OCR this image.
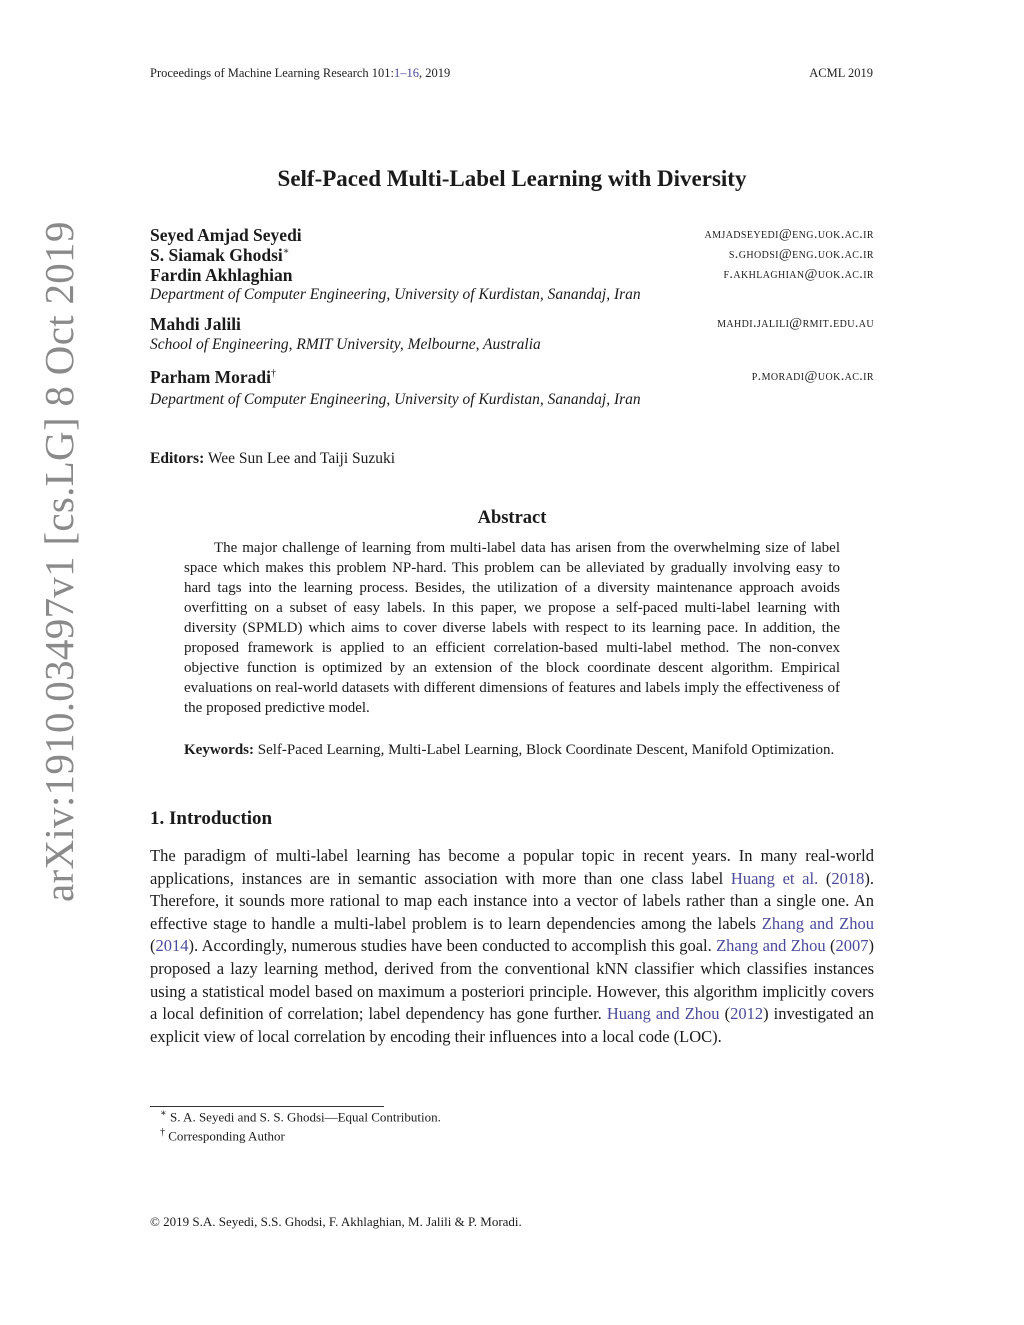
arXiv:1910.03497v1 [cs.LG] 8 Oct 2019
Proceedings of Machine Learning Research 101:1–16, 2019	ACML 2019
Self-Paced Multi-Label Learning with Diversity
Seyed Amjad Seyedi	amjadseyedi@eng.uok.ac.ir
S. Siamak Ghodsi∗	s.ghodsi@eng.uok.ac.ir
Fardin Akhlaghian	f.akhlaghian@uok.ac.ir
Department of Computer Engineering, University of Kurdistan, Sanandaj, Iran
Mahdi Jalili	mahdi.jalili@rmit.edu.au
School of Engineering, RMIT University, Melbourne, Australia
Parham Moradi†	p.moradi@uok.ac.ir
Department of Computer Engineering, University of Kurdistan, Sanandaj, Iran
Editors: Wee Sun Lee and Taiji Suzuki
Abstract

The major challenge of learning from multi-label data has arisen from the overwhelming size of label space which makes this problem NP-hard. This problem can be alleviated by gradually involving easy to hard tags into the learning process. Besides, the utilization of a diversity maintenance approach avoids overfitting on a subset of easy labels. In this paper, we propose a self-paced multi-label learning with diversity (SPMLD) which aims to cover diverse labels with respect to its learning pace. In addition, the proposed framework is applied to an efficient correlation-based multi-label method. The non-convex objective function is optimized by an extension of the block coordinate descent algorithm. Empirical evaluations on real-world datasets with different dimensions of features and labels imply the effectiveness of the proposed predictive model.

Keywords: Self-Paced Learning, Multi-Label Learning, Block Coordinate Descent, Manifold Optimization.

1. Introduction

The paradigm of multi-label learning has become a popular topic in recent years. In many real-world applications, instances are in semantic association with more than one class label Huang et al. (2018). Therefore, it sounds more rational to map each instance into a vector of labels rather than a single one. An effective stage to handle a multi-label problem is to learn dependencies among the labels Zhang and Zhou (2014). Accordingly, numerous studies have been conducted to accomplish this goal. Zhang and Zhou (2007) proposed a lazy learning method, derived from the conventional kNN classifier which classifies instances using a statistical model based on maximum a posteriori principle. However, this algorithm implicitly covers a local definition of correlation; label dependency has gone further. Huang and Zhou (2012) investigated an explicit view of local correlation by encoding their influences into a local code (LOC).

∗ S. A. Seyedi and S. S. Ghodsi—Equal Contribution.
† Corresponding Author
© 2019 S.A. Seyedi, S.S. Ghodsi, F. Akhlaghian, M. Jalili & P. Moradi.
